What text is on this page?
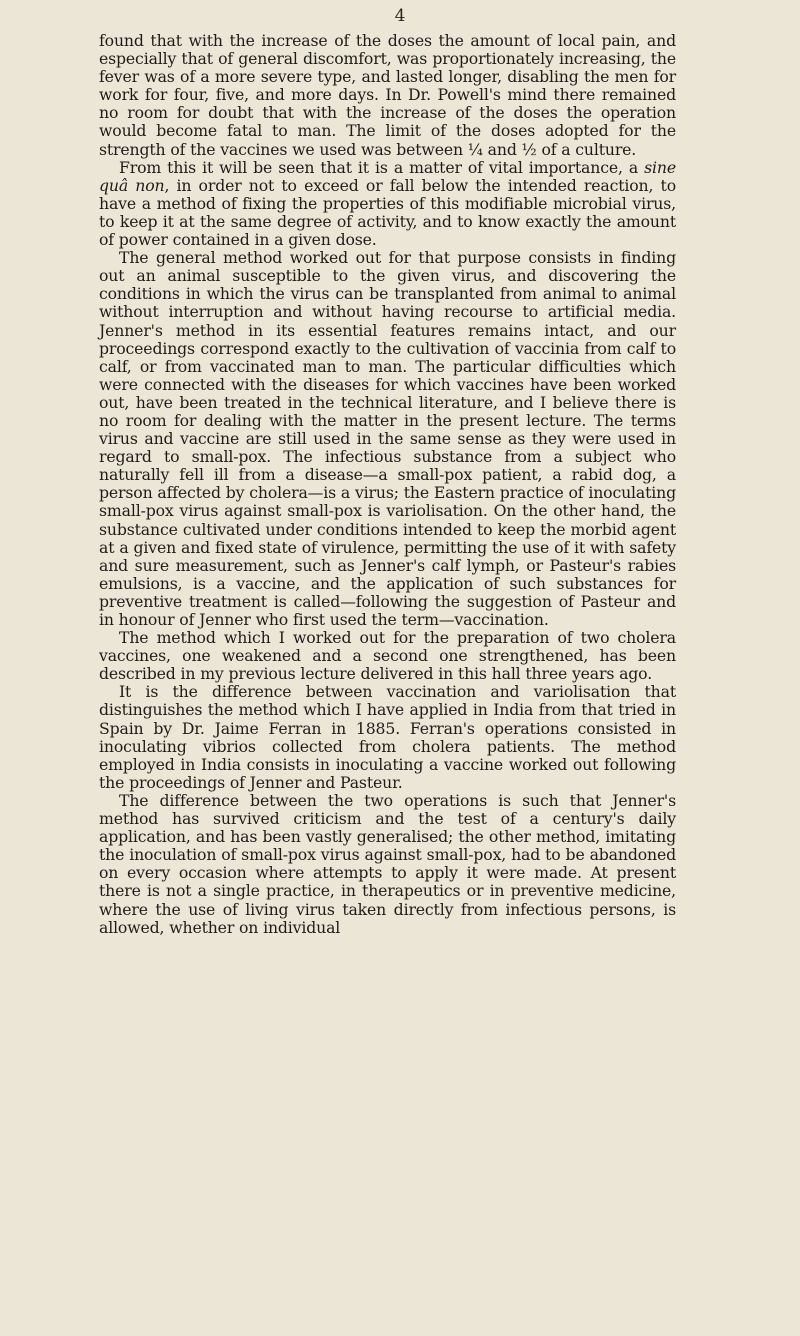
4

found that with the increase of the doses the amount of local pain, and especially that of general discomfort, was proportionately increasing, the fever was of a more severe type, and lasted longer, disabling the men for work for four, five, and more days. In Dr. Powell's mind there remained no room for doubt that with the increase of the doses the operation would become fatal to man. The limit of the doses adopted for the strength of the vaccines we used was between ¼ and ½ of a culture.

From this it will be seen that it is a matter of vital importance, a sine quâ non, in order not to exceed or fall below the intended reaction, to have a method of fixing the properties of this modifiable microbial virus, to keep it at the same degree of activity, and to know exactly the amount of power contained in a given dose.

The general method worked out for that purpose consists in finding out an animal susceptible to the given virus, and discovering the conditions in which the virus can be transplanted from animal to animal without interruption and without having recourse to artificial media. Jenner's method in its essential features remains intact, and our proceedings correspond exactly to the cultivation of vaccinia from calf to calf, or from vaccinated man to man. The particular difficulties which were connected with the diseases for which vaccines have been worked out, have been treated in the technical literature, and I believe there is no room for dealing with the matter in the present lecture. The terms virus and vaccine are still used in the same sense as they were used in regard to small-pox. The infectious substance from a subject who naturally fell ill from a disease—a small-pox patient, a rabid dog, a person affected by cholera—is a virus; the Eastern practice of inoculating small-pox virus against small-pox is variolisation. On the other hand, the substance cultivated under conditions intended to keep the morbid agent at a given and fixed state of virulence, permitting the use of it with safety and sure measurement, such as Jenner's calf lymph, or Pasteur's rabies emulsions, is a vaccine, and the application of such substances for preventive treatment is called—following the suggestion of Pasteur and in honour of Jenner who first used the term—vaccination.

The method which I worked out for the preparation of two cholera vaccines, one weakened and a second one strengthened, has been described in my previous lecture delivered in this hall three years ago.

It is the difference between vaccination and variolisation that distinguishes the method which I have applied in India from that tried in Spain by Dr. Jaime Ferran in 1885. Ferran's operations consisted in inoculating vibrios collected from cholera patients. The method employed in India consists in inoculating a vaccine worked out following the proceedings of Jenner and Pasteur.

The difference between the two operations is such that Jenner's method has survived criticism and the test of a century's daily application, and has been vastly generalised; the other method, imitating the inoculation of small-pox virus against small-pox, had to be abandoned on every occasion where attempts to apply it were made. At present there is not a single practice, in therapeutics or in preventive medicine, where the use of living virus taken directly from infectious persons, is allowed, whether on individual
